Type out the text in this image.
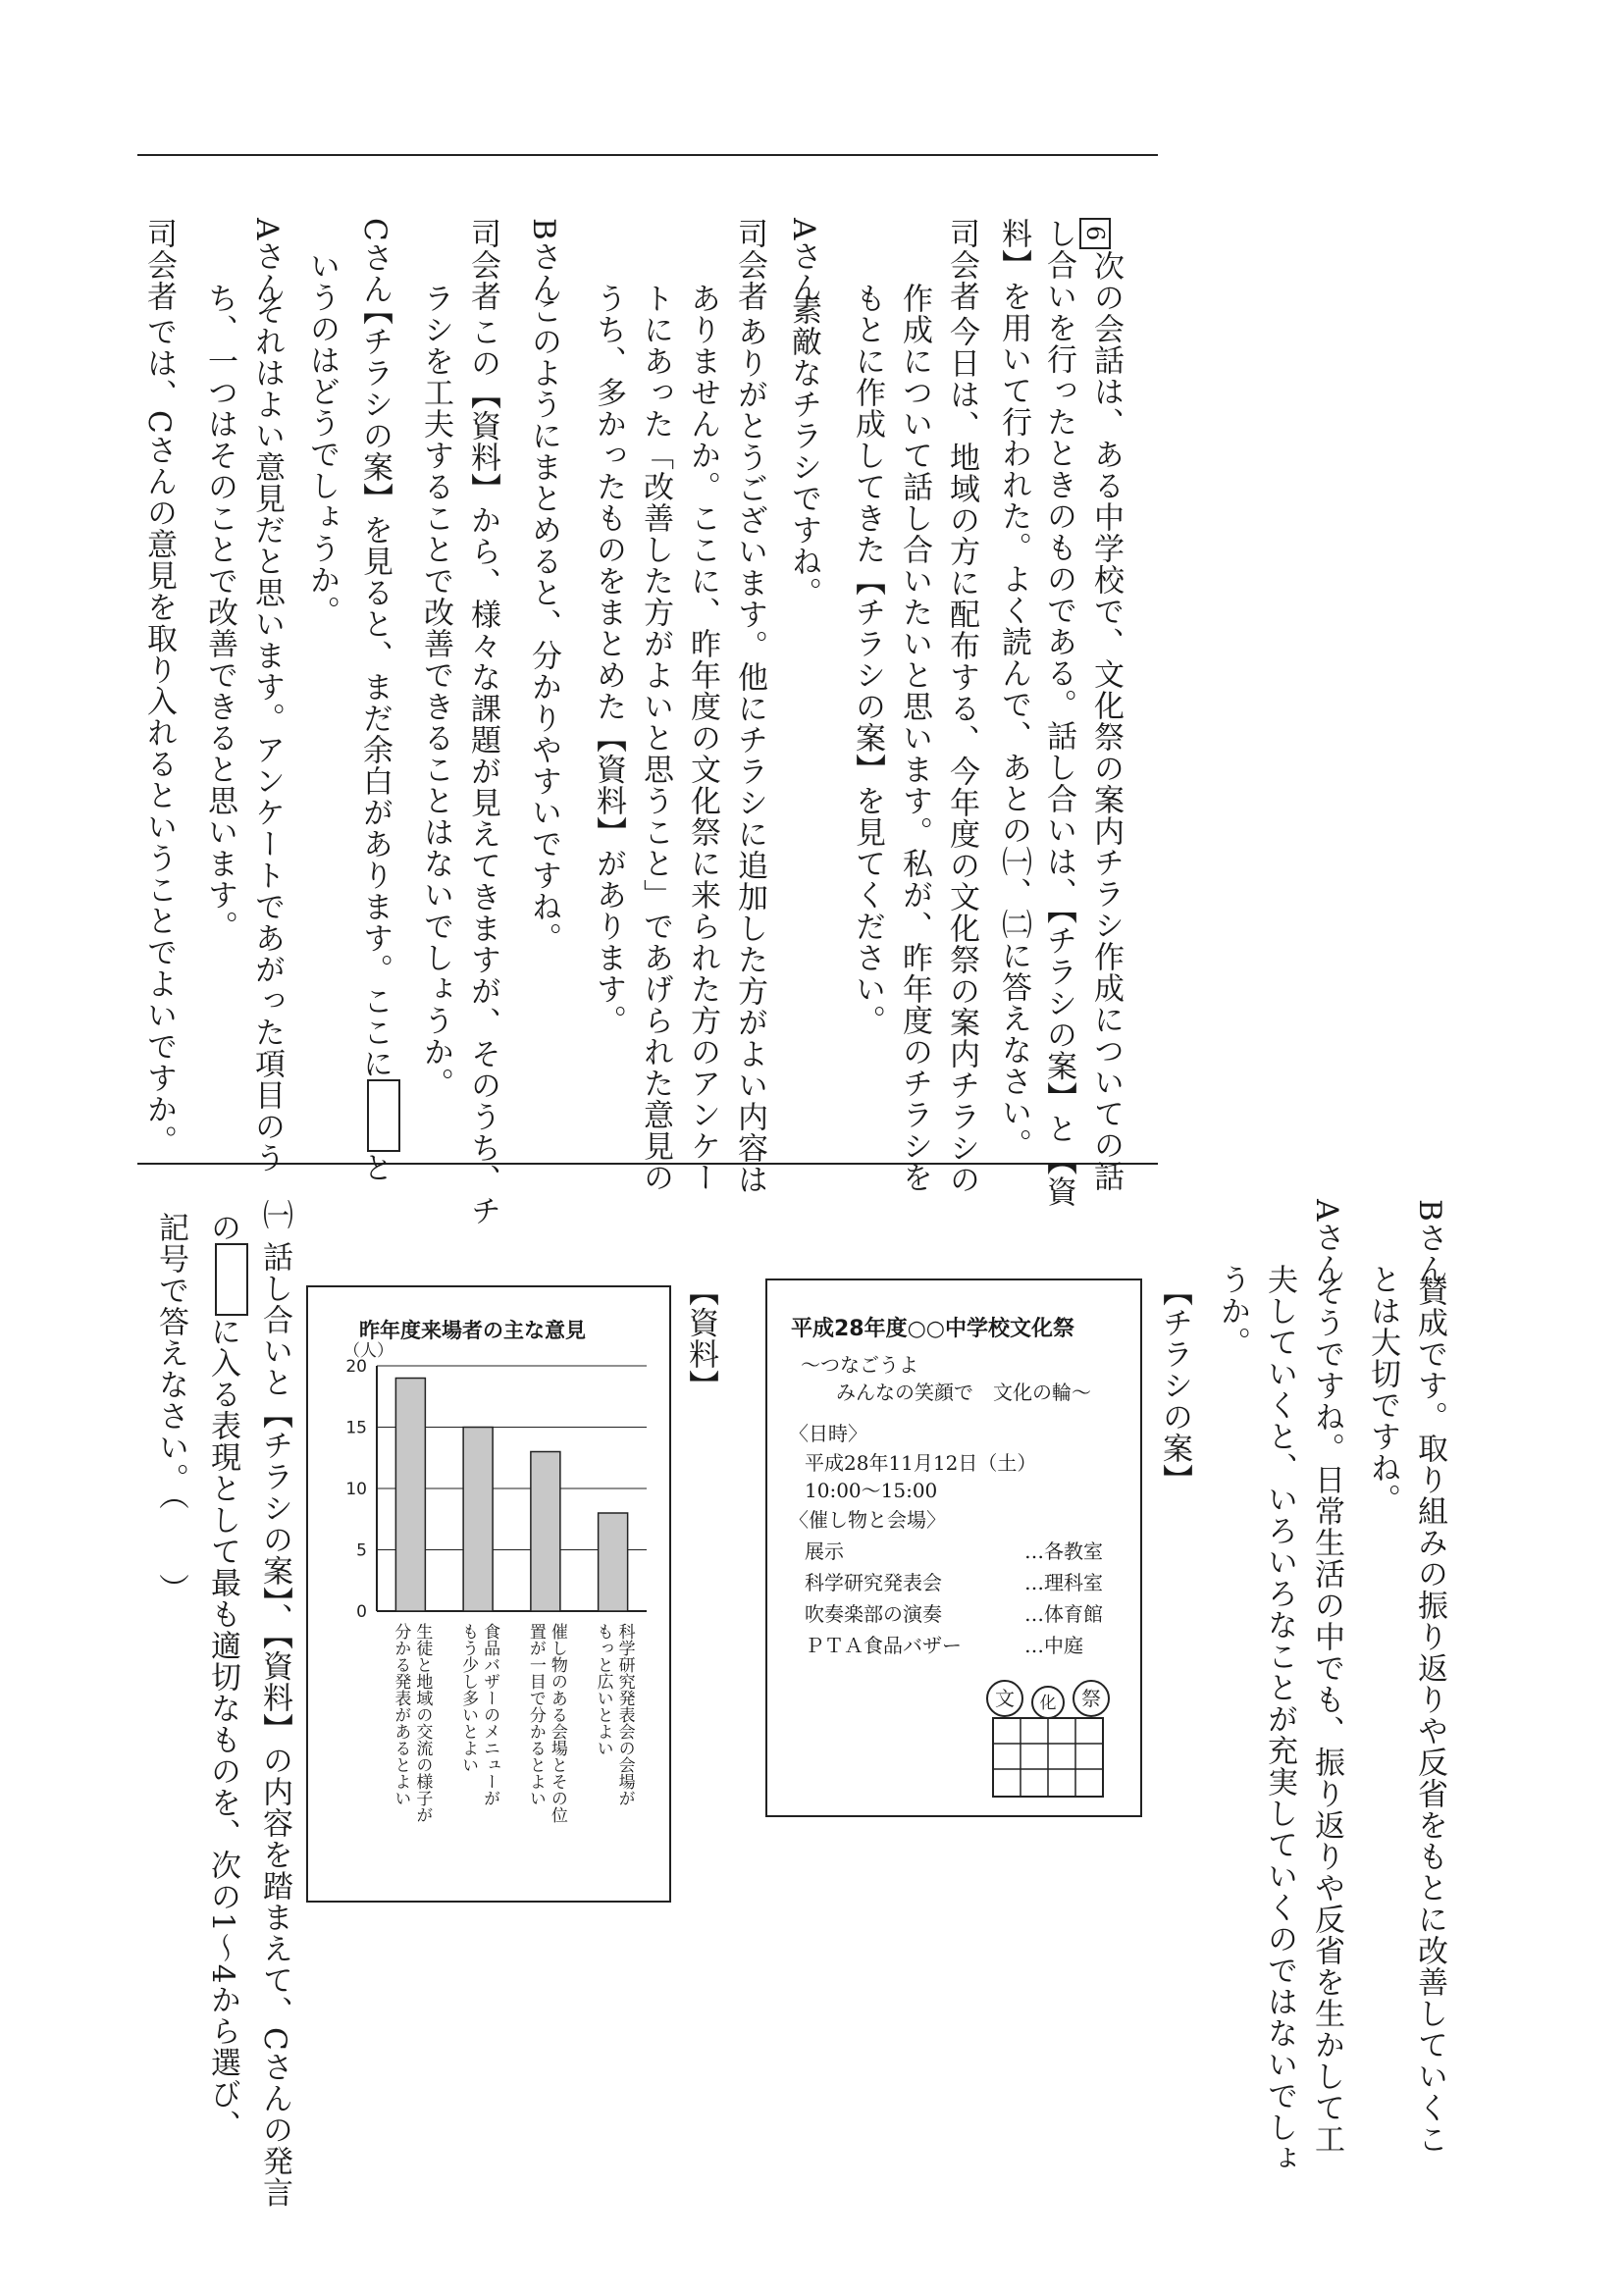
6
次の会話は、ある中学校で、文化祭の案内チラシ作成についての話
し合いを行ったときのものである。話し合いは、【チラシの案】と【資
料】を用いて行われた。よく読んで、あとの㈠、㈡に答えなさい。
司会者
今日は、地域の方に配布する、今年度の文化祭の案内チラシの
作成について話し合いたいと思います。私が、昨年度のチラシを
もとに作成してきた【チラシの案】を見てください。
Aさん
素敵なチラシですね。
司会者
ありがとうございます。他にチラシに追加した方がよい内容は
ありませんか。ここに、昨年度の文化祭に来られた方のアンケー
トにあった「改善した方がよいと思うこと」であげられた意見の
うち、多かったものをまとめた【資料】があります。
Bさん
このようにまとめると、分かりやすいですね。
司会者
この【資料】から、様々な課題が見えてきますが、そのうち、チ
ラシを工夫することで改善できることはないでしょうか。
Cさん
【チラシの案】を見ると、まだ余白があります。ここにと
いうのはどうでしょうか。
Aさん
それはよい意見だと思います。アンケートであがった項目のう
ち、一つはそのことで改善できると思います。
司会者
では、Cさんの意見を取り入れるということでよいですか。
Bさん
賛成です。取り組みの振り返りや反省をもとに改善していくこ
とは大切ですね。
Aさん
そうですね。日常生活の中でも、振り返りや反省を生かして工
夫していくと、いろいろなことが充実していくのではないでしょ
うか。
【チラシの案】
平成28年度○○中学校文化祭
～つなごうよ
みんなの笑顔で　文化の輪～
〈日時〉
平成28年11月12日（土）
10:00～15:00
〈催し物と会場〉
展示	…各教室
科学研究発表会	…理科室
吹奏楽部の演奏	…体育館
ＰＴＡ食品バザー	…中庭
文 化 祭
【資料】
昨年度来場者の主な意見
（人）
0
5
10
15
20
生徒と地域の交流の様子が
分かる発表があるとよい	食品バザーのメニューが
もう少し多いとよい	催し物のある会場とその位
置が一目で分かるとよい	科学研究発表会の会場が
もっと広いとよい
㈠
話し合いと【チラシの案】、【資料】の内容を踏まえて、Cさんの発言
のに入る表現として最も適切なものを、次の1～4から選び、
記号で答えなさい。（　　）
